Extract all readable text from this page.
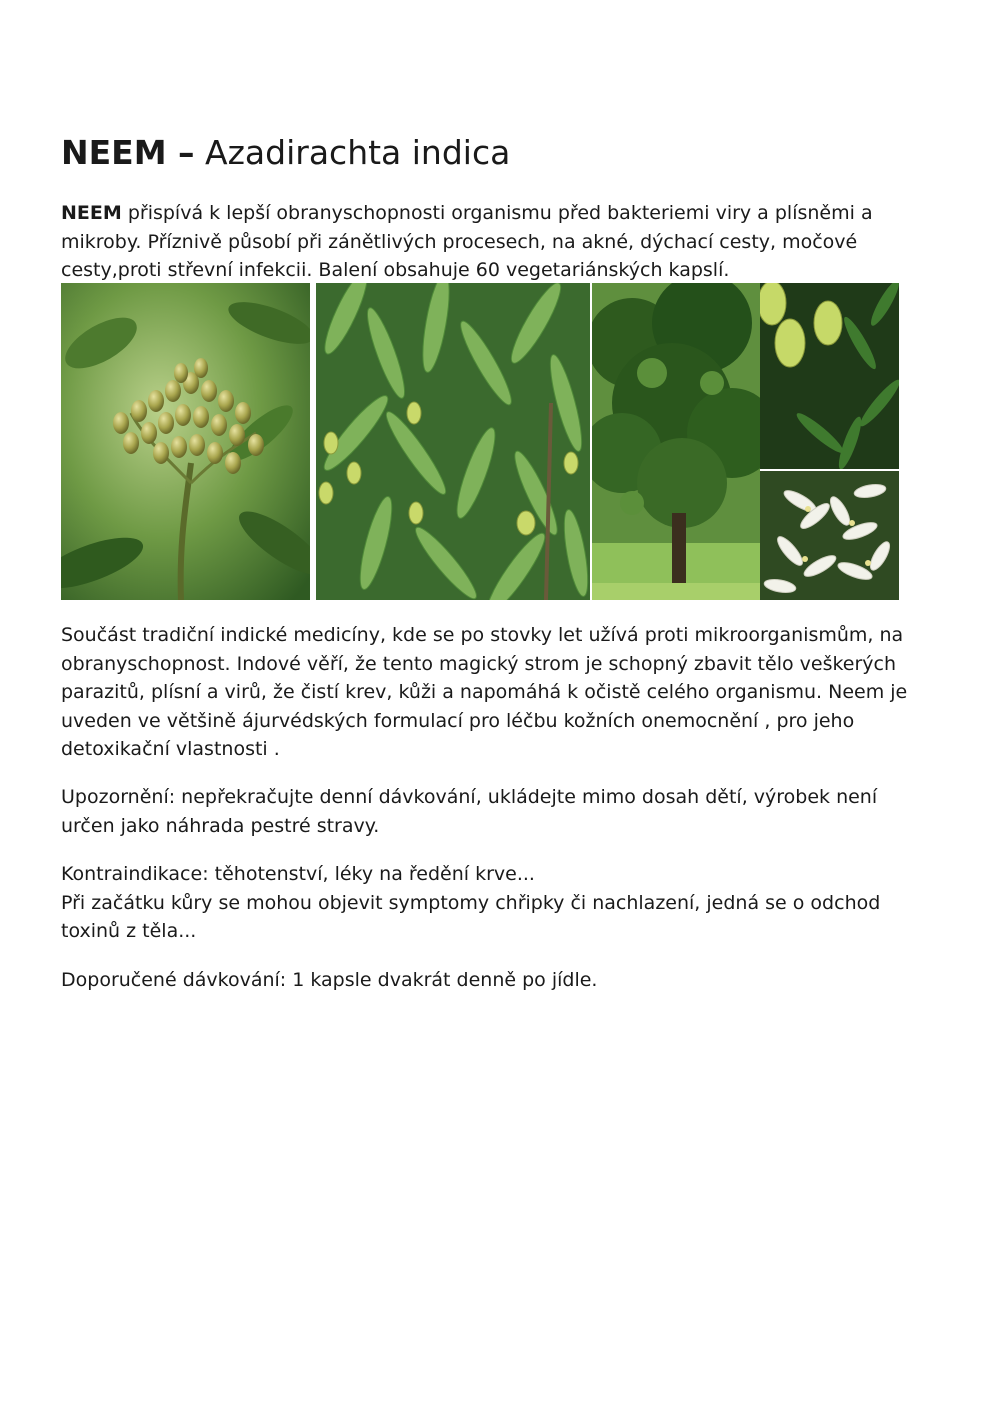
NEEM – Azadirachta indica

NEEM přispívá k lepší obranyschopnosti organismu před bakteriemi viry a plísněmi a mikroby. Příznivě působí při zánětlivých procesech, na akné, dýchací cesty, močové cesty,proti střevní infekcii. Balení obsahuje 60 vegetariánských kapslí.

Součást tradiční indické medicíny, kde se po stovky let užívá proti mikroorganismům, na obranyschopnost. Indové věří, že tento magický strom je schopný zbavit tělo veškerých parazitů, plísní a virů, že čistí krev, kůži a napomáhá k očistě celého organismu. Neem je uveden ve většině ájurvédských formulací pro léčbu kožních onemocnění , pro jeho detoxikační vlastnosti .

Upozornění: nepřekračujte denní dávkování, ukládejte mimo dosah dětí, výrobek není určen jako náhrada pestré stravy.

Kontraindikace: těhotenství, léky na ředění krve...
Při začátku kůry se mohou objevit symptomy chřipky či nachlazení, jedná se o odchod toxinů z těla...

Doporučené dávkování: 1 kapsle dvakrát denně po jídle.
